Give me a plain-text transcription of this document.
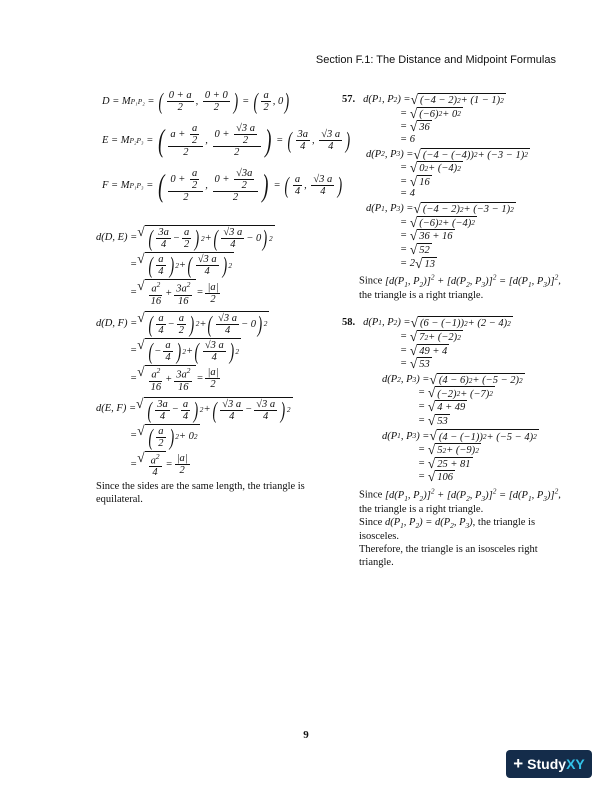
Section F.1: The Distance and Midpoint Formulas
D = M P₁P₂ = ( $\frac{0 + a}{2}$ , $\frac{0 + 0}{2}$ ) = ( $\frac{a}{2}$ , 0 )
E = M P₂P₃ = ( $\frac{a + \frac{a}{2}}{2}$ , $\frac{0 + \frac{√3 a}{2}}{2}$ ) = ( $\frac{3a}{4}$ , $\frac{√3 a}{4}$ )
F = M P₁P₃ = ( $\frac{0 + \frac{a}{2}}{2}$ , $\frac{0 + \frac{√3a}{2}}{2}$ ) = ( $\frac{a}{4}$ , $\frac{√3 a}{4}$ )
d(D, E) = √ ( $\frac{3a}{4} - \frac{a}{2}$ ) 2 + ( $\frac{√3 a}{4} - 0$ ) 2
= √ ( $\frac{a}{4}$ ) 2 + ( $\frac{√3 a}{4}$ ) 2
= √ $\frac{a^2}{16} + \frac{3a^2}{16} = \frac{|a|}{2}$
d(D, F) = √ ( $\frac{a}{4} - \frac{a}{2}$ ) 2 + ( $\frac{√3 a}{4} - 0$ ) 2
= √ ( − $\frac{a}{4}$ ) 2 + ( $\frac{√3 a}{4}$ ) 2
= √ $\frac{a^2}{16} + \frac{3a^2}{16} = \frac{|a|}{2}$
d(E, F) = √ ( $\frac{3a}{4} - \frac{a}{4}$ ) 2 + ( $\frac{√3 a}{4} - \frac{√3 a}{4}$ ) 2
= √ ( $\frac{a}{2}$ ) 2 + 0 2
= √ $\frac{a^2}{4} = \frac{|a|}{2}$
Since the sides are the same length, the triangle is equilateral.
57. d(P 1 , P 2 ) = √ (−4 − 2) 2 + (1 − 1) 2
= √ (−6) 2 + 0 2
= √ 36
= 6
d(P 2 , P 3 ) = √ (−4 − (−4)) 2 + (−3 − 1) 2
= √ 0 2 + (−4) 2
= √ 16
= 4
d(P 1 , P 3 ) = √ (−4 − 2) 2 + (−3 − 1) 2
= √ (−6) 2 + (−4) 2
= √ 36 + 16
= √ 52
= 2 √ 13
Since [$d(P_1$, $P_2)]^2 + [d(P_2$, $P_3)]^2 = [d(P_1$, $P_3)]^2$,
the triangle is a right triangle.
58. d(P 1 , P 2 ) = √ (6 − (−1)) 2 + (2 − 4) 2
= √ 7 2 + (−2) 2
= √ 49 + 4
= √ 53
d(P 2 , P 3 ) = √ (4 − 6) 2 + (−5 − 2) 2
= √ (−2) 2 + (−7) 2
= √ 4 + 49
= √ 53
d(P 1 , P 3 ) = √ (4 − (−1)) 2 + (−5 − 4) 2
= √ 5 2 + (−9) 2
= √ 25 + 81
= √ 106
Since [$d(P_1$, $P_2)]^2 + [d(P_2$, $P_3)]^2 = [d(P_1$, $P_3)]^2$,
the triangle is a right triangle.
Since $d(P_1$, $P_2) = d(P_2$, $P_3$), the triangle is
isosceles.
Therefore, the triangle is an isosceles right triangle.
9
+ Study XY
